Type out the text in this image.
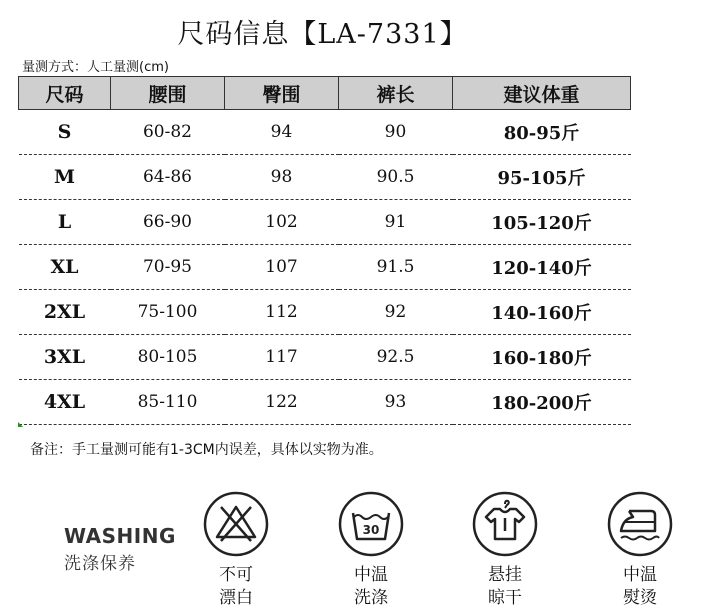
尺码信息【LA-7331】
量测方式：人工量测(cm)
尺码	腰围	臀围	裤长	建议体重
S	60-82	94	90	80-95斤
M	64-86	98	90.5	95-105斤
L	66-90	102	91	105-120斤
XL	70-95	107	91.5	120-140斤
2XL	75-100	112	92	140-160斤
3XL	80-105	117	92.5	160-180斤
4XL	85-110	122	93	180-200斤
备注：手工量测可能有1-3CM内误差，具体以实物为准。
WASHING
洗涤保养
不可
漂白
30
中温
洗涤
悬挂
晾干
中温
熨烫
